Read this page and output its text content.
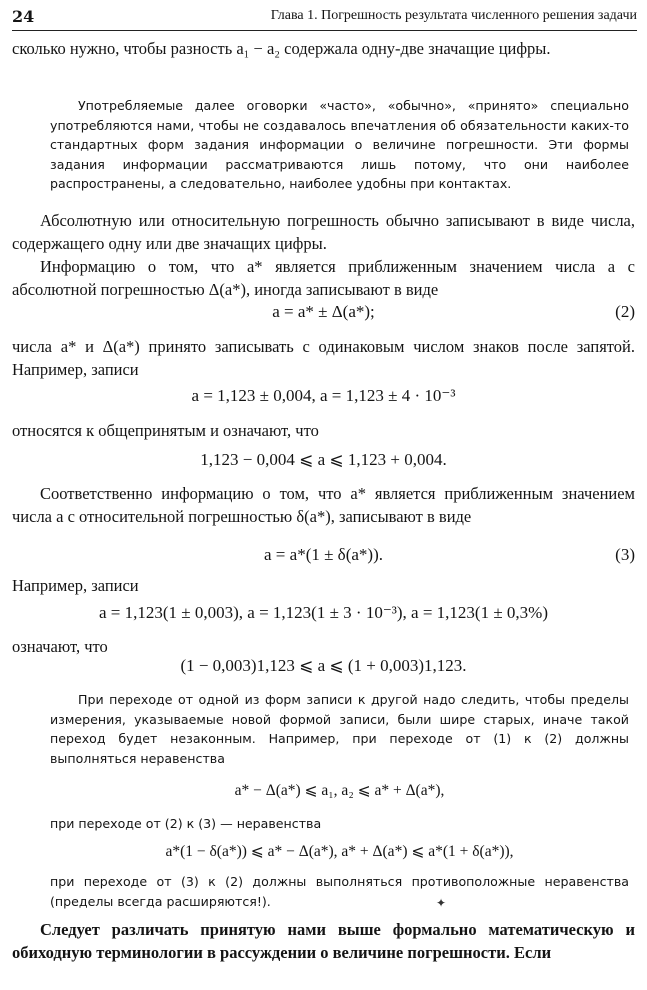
24	Глава 1. Погрешность результата численного решения задачи

сколько нужно, чтобы разность a₁ − a₂ содержала одну-две значащие цифры.

Употребляемые далее оговорки «часто», «обычно», «принято» специально употребляются нами, чтобы не создавалось впечатления об обязательности каких-то стандартных форм задания информации о величине погрешности. Эти формы задания информации рассматриваются лишь потому, что они наиболее распространены, а следовательно, наиболее удобны при контактах.

Абсолютную или относительную погрешность обычно записывают в виде числа, содержащего одну или две значащих цифры.

Информацию о том, что a* является приближенным значением числа a с абсолютной погрешностью Δ(a*), иногда записывают в виде

a = a* ± Δ(a*);	(2)

числа a* и Δ(a*) принято записывать с одинаковым числом знаков после запятой. Например, записи

a = 1,123 ± 0,004, a = 1,123 ± 4 · 10⁻³

относятся к общепринятым и означают, что

1,123 − 0,004 ⩽ a ⩽ 1,123 + 0,004.

Соответственно информацию о том, что a* является приближенным значением числа a с относительной погрешностью δ(a*), записывают в виде

a = a*(1 ± δ(a*)).	(3)

Например, записи

a = 1,123(1 ± 0,003), a = 1,123(1 ± 3 · 10⁻³), a = 1,123(1 ± 0,3%)

означают, что

(1 − 0,003)1,123 ⩽ a ⩽ (1 + 0,003)1,123.

При переходе от одной из форм записи к другой надо следить, чтобы пределы измерения, указываемые новой формой записи, были шире старых, иначе такой переход будет незаконным. Например, при переходе от (1) к (2) должны выполняться неравенства

a* − Δ(a*) ⩽ a₁, a₂ ⩽ a* + Δ(a*),

при переходе от (2) к (3) — неравенства

a*(1 − δ(a*)) ⩽ a* − Δ(a*), a* + Δ(a*) ⩽ a*(1 + δ(a*)),

при переходе от (3) к (2) должны выполняться противоположные неравенства (пределы всегда расширяются!).

Следует различать принятую нами выше формально математическую и обиходную терминологии в рассуждении о величине погрешности. Если

✦
